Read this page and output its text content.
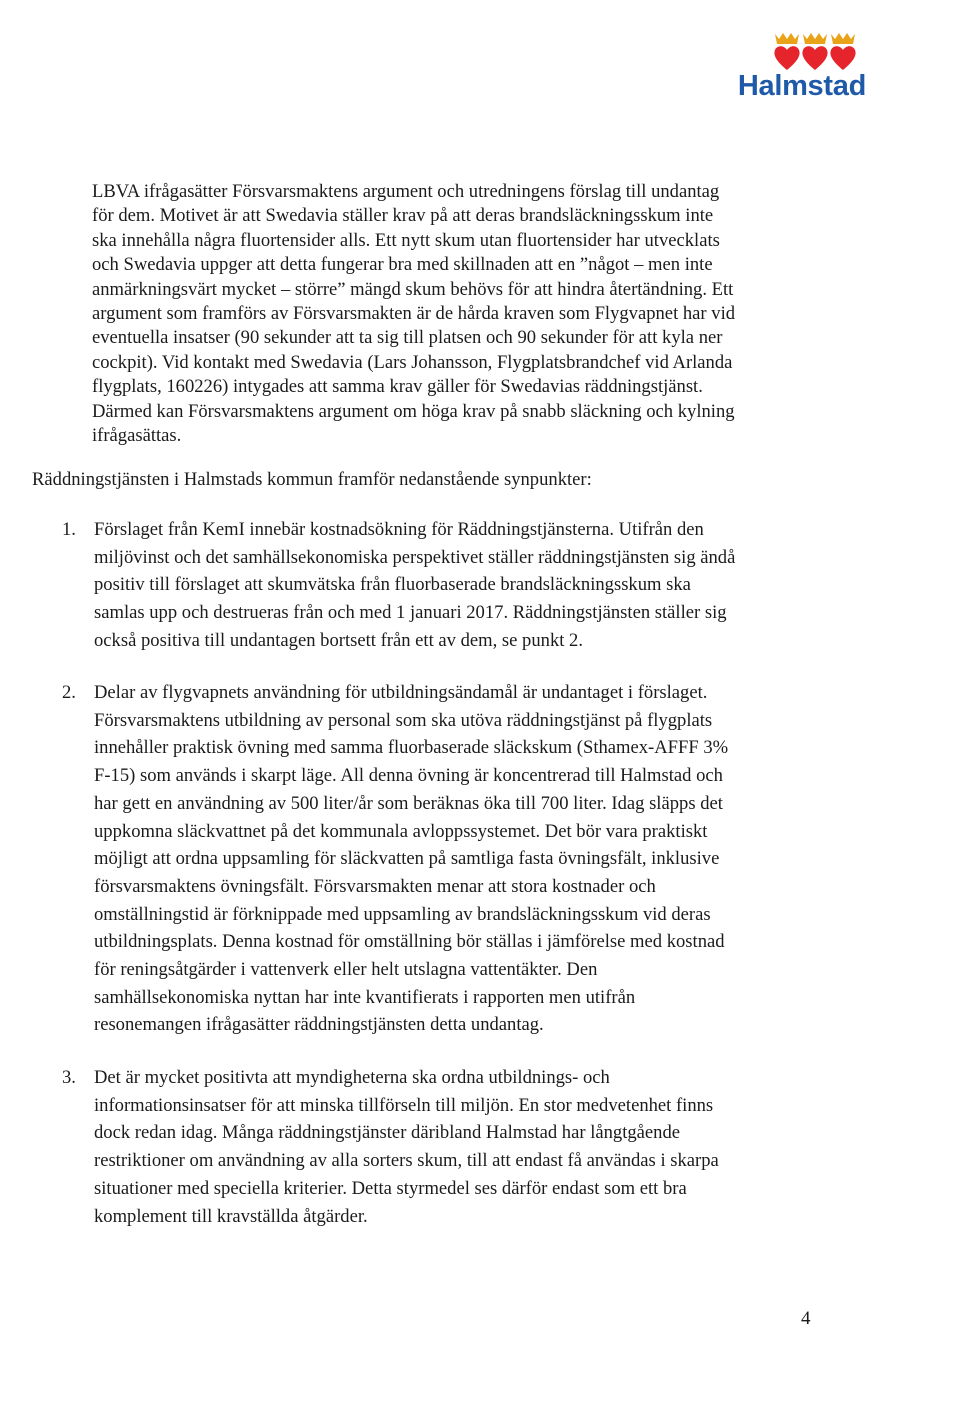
Halmstad
LBVA ifrågasätter Försvarsmaktens argument och utredningens förslag till undantag
för dem. Motivet är att Swedavia ställer krav på att deras brandsläckningsskum inte
ska innehålla några fluortensider alls. Ett nytt skum utan fluortensider har utvecklats
och Swedavia uppger att detta fungerar bra med skillnaden att en ”något – men inte
anmärkningsvärt mycket – större” mängd skum behövs för att hindra återtändning. Ett
argument som framförs av Försvarsmakten är de hårda kraven som Flygvapnet har vid
eventuella insatser (90 sekunder att ta sig till platsen och 90 sekunder för att kyla ner
cockpit). Vid kontakt med Swedavia (Lars Johansson, Flygplatsbrandchef vid Arlanda
flygplats, 160226) intygades att samma krav gäller för Swedavias räddningstjänst.
Därmed kan Försvarsmaktens argument om höga krav på snabb släckning och kylning
ifrågasättas.

Räddningstjänsten i Halmstads kommun framför nedanstående synpunkter:

1. Förslaget från KemI innebär kostnadsökning för Räddningstjänsterna. Utifrån den
miljövinst och det samhällsekonomiska perspektivet ställer räddningstjänsten sig ändå
positiv till förslaget att skumvätska från fluorbaserade brandsläckningsskum ska
samlas upp och destrueras från och med 1 januari 2017. Räddningstjänsten ställer sig
också positiva till undantagen bortsett från ett av dem, se punkt 2.
2. Delar av flygvapnets användning för utbildningsändamål är undantaget i förslaget.
Försvarsmaktens utbildning av personal som ska utöva räddningstjänst på flygplats
innehåller praktisk övning med samma fluorbaserade släckskum (Sthamex-AFFF 3%
F-15) som används i skarpt läge. All denna övning är koncentrerad till Halmstad och
har gett en användning av 500 liter/år som beräknas öka till 700 liter. Idag släpps det
uppkomna släckvattnet på det kommunala avloppssystemet. Det bör vara praktiskt
möjligt att ordna uppsamling för släckvatten på samtliga fasta övningsfält, inklusive
försvarsmaktens övningsfält. Försvarsmakten menar att stora kostnader och
omställningstid är förknippade med uppsamling av brandsläckningsskum vid deras
utbildningsplats. Denna kostnad för omställning bör ställas i jämförelse med kostnad
för reningsåtgärder i vattenverk eller helt utslagna vattentäkter. Den
samhällsekonomiska nyttan har inte kvantifierats i rapporten men utifrån
resonemangen ifrågasätter räddningstjänsten detta undantag.
3. Det är mycket positivta att myndigheterna ska ordna utbildnings- och
informationsinsatser för att minska tillförseln till miljön. En stor medvetenhet finns
dock redan idag. Många räddningstjänster däribland Halmstad har långtgående
restriktioner om användning av alla sorters skum, till att endast få användas i skarpa
situationer med speciella kriterier. Detta styrmedel ses därför endast som ett bra
komplement till kravställda åtgärder.
4
